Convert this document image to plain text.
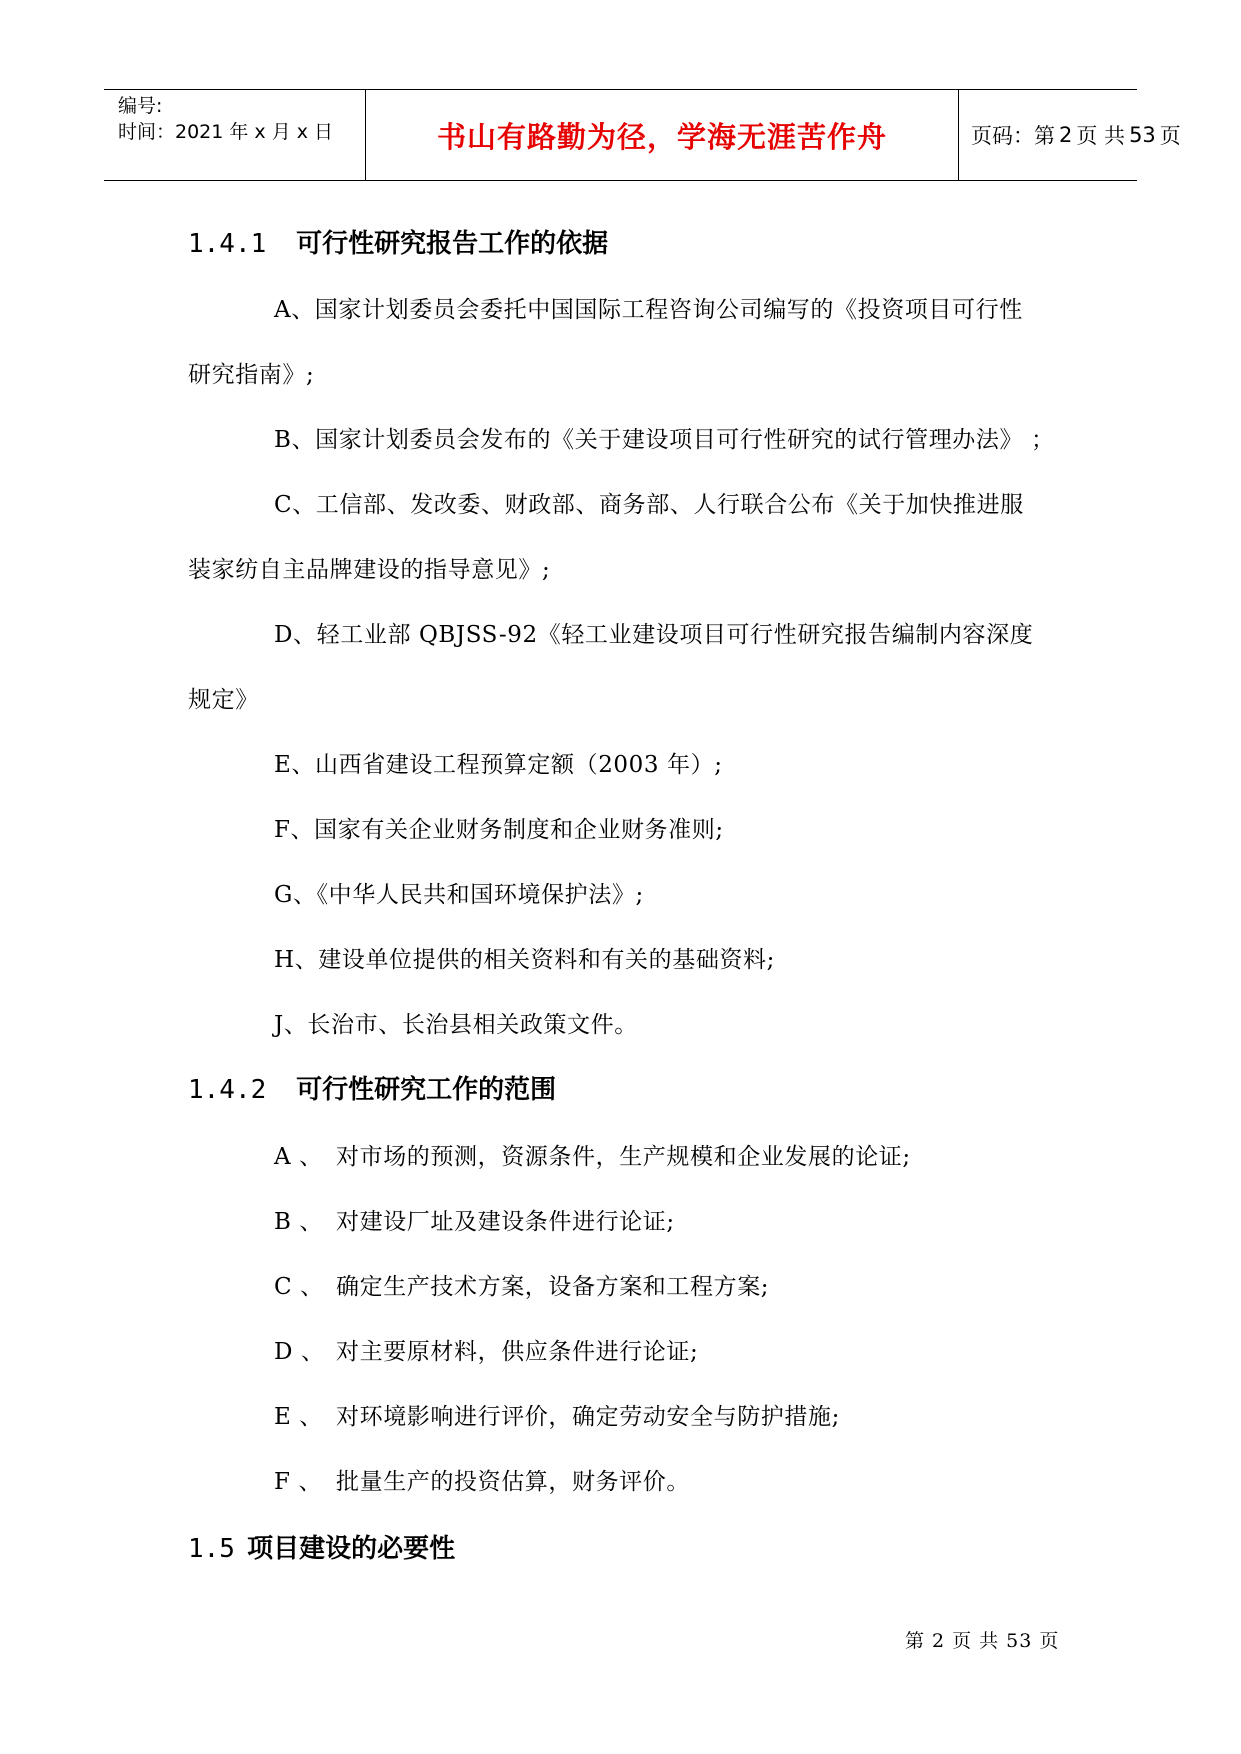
编号:
时间：2021 年 x 月 x 日	书山有路勤为径，学海无涯苦作舟	页码：第 2 页 共 53 页
1.4.1 可行性研究报告工作的依据
A、国家计划委员会委托中国国际工程咨询公司编写的《投资项目可行性
研究指南》;
B、国家计划委员会发布的《关于建设项目可行性研究的试行管理办法》 ；
C、工信部、发改委、财政部、商务部、人行联合公布《关于加快推进服
装家纺自主品牌建设的指导意见》;
D、轻工业部 QBJSS-92《轻工业建设项目可行性研究报告编制内容深度
规定》
E、山西省建设工程预算定额（2003 年）;
F、国家有关企业财务制度和企业财务准则;
G、《中华人民共和国环境保护法》;
H、建设单位提供的相关资料和有关的基础资料;
J、长治市、长治县相关政策文件。
1.4.2 可行性研究工作的范围
A 、 对市场的预测，资源条件，生产规模和企业发展的论证;
B 、 对建设厂址及建设条件进行论证;
C 、 确定生产技术方案，设备方案和工程方案;
D 、 对主要原材料，供应条件进行论证;
E 、 对环境影响进行评价，确定劳动安全与防护措施;
F 、 批量生产的投资估算，财务评价。
1.5 项目建设的必要性
第 2 页 共 53 页
